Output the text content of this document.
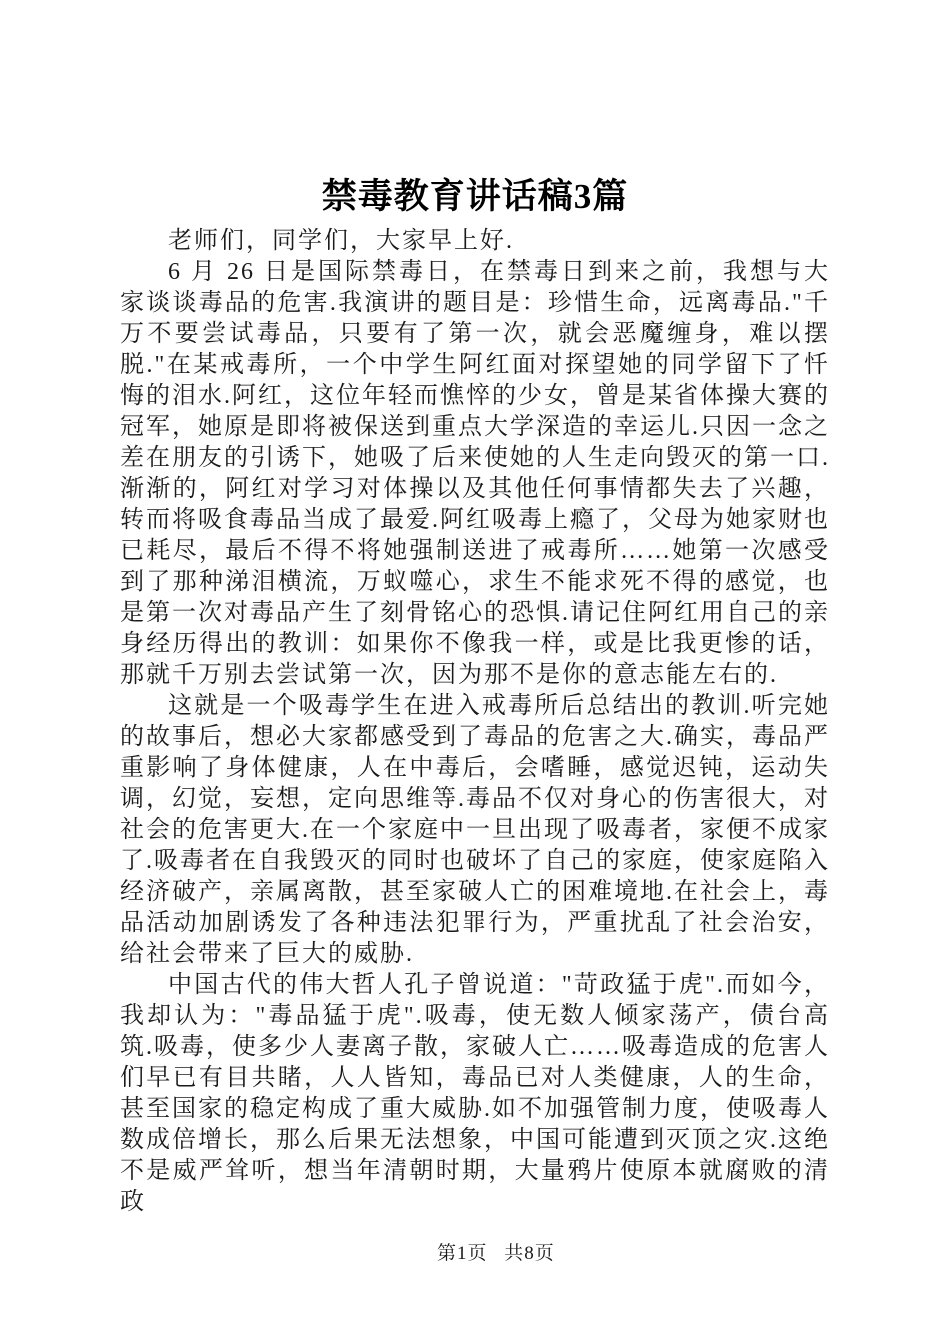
禁毒教育讲话稿3篇

老师们，同学们，大家早上好.

6 月 26 日是国际禁毒日，在禁毒日到来之前，我想与大家谈谈毒品的危害.我演讲的题目是：珍惜生命，远离毒品."千万不要尝试毒品，只要有了第一次，就会恶魔缠身，难以摆脱."在某戒毒所，一个中学生阿红面对探望她的同学留下了忏悔的泪水.阿红，这位年轻而憔悴的少女，曾是某省体操大赛的冠军，她原是即将被保送到重点大学深造的幸运儿.只因一念之差在朋友的引诱下，她吸了后来使她的人生走向毁灭的第一口.渐渐的，阿红对学习对体操以及其他任何事情都失去了兴趣，转而将吸食毒品当成了最爱.阿红吸毒上瘾了，父母为她家财也已耗尽，最后不得不将她强制送进了戒毒所……她第一次感受到了那种涕泪横流，万蚁噬心，求生不能求死不得的感觉，也是第一次对毒品产生了刻骨铭心的恐惧.请记住阿红用自己的亲身经历得出的教训：如果你不像我一样，或是比我更惨的话，那就千万别去尝试第一次，因为那不是你的意志能左右的.

这就是一个吸毒学生在进入戒毒所后总结出的教训.听完她的故事后，想必大家都感受到了毒品的危害之大.确实，毒品严重影响了身体健康，人在中毒后，会嗜睡，感觉迟钝，运动失调，幻觉，妄想，定向思维等.毒品不仅对身心的伤害很大，对社会的危害更大.在一个家庭中一旦出现了吸毒者，家便不成家了.吸毒者在自我毁灭的同时也破坏了自己的家庭，使家庭陷入经济破产，亲属离散，甚至家破人亡的困难境地.在社会上，毒品活动加剧诱发了各种违法犯罪行为，严重扰乱了社会治安，给社会带来了巨大的威胁.

中国古代的伟大哲人孔子曾说道："苛政猛于虎".而如今，我却认为："毒品猛于虎".吸毒，使无数人倾家荡产，债台高筑.吸毒，使多少人妻离子散，家破人亡……吸毒造成的危害人们早已有目共睹，人人皆知，毒品已对人类健康，人的生命，甚至国家的稳定构成了重大威胁.如不加强管制力度，使吸毒人数成倍增长，那么后果无法想象，中国可能遭到灭顶之灾.这绝不是威严耸听，想当年清朝时期，大量鸦片使原本就腐败的清政

第1页 共8页
